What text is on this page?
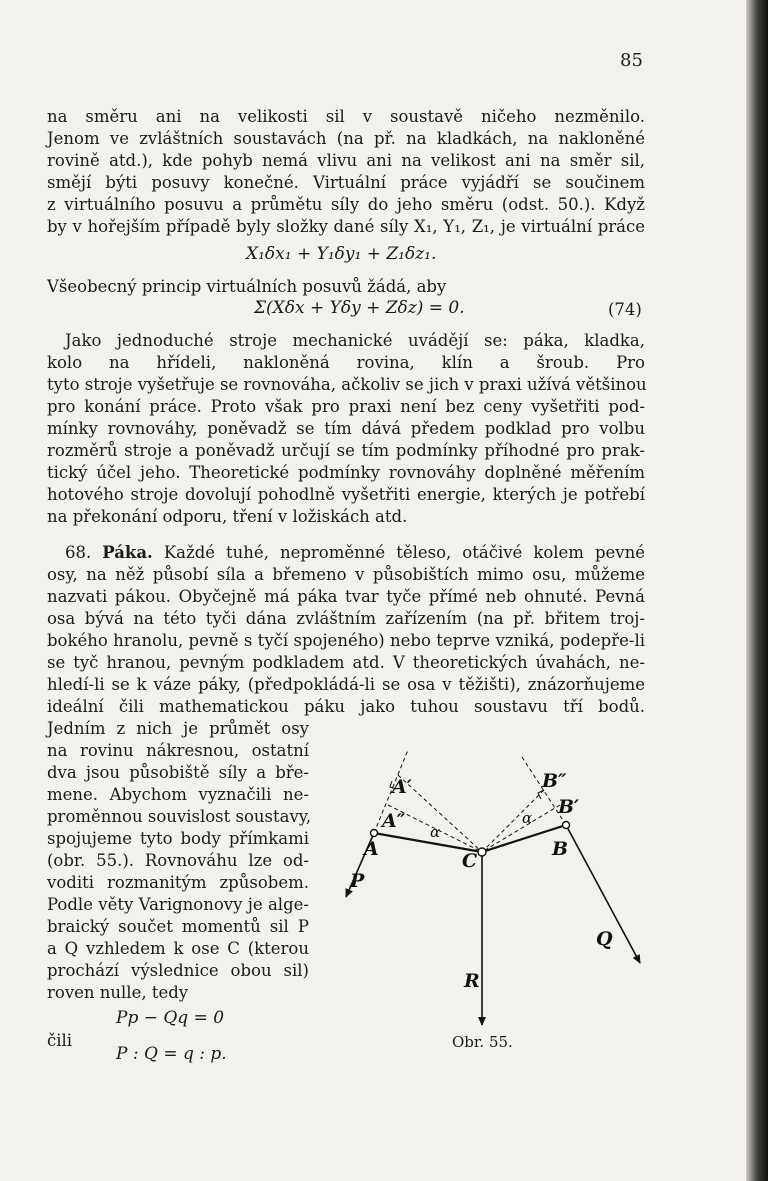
85
na směru ani na velikosti sil v soustavě ničeho nezměnilo.
Jenom ve zvláštních soustavách (na př. na kladkách, na nakloněné
rovině atd.), kde pohyb nemá vlivu ani na velikost ani na směr sil,
smějí býti posuvy konečné. Virtuální práce vyjádří se součinem
z virtuálního posuvu a průmětu síly do jeho směru (odst. 50.). Když
by v hořejším případě byly složky dané síly X₁, Y₁, Z₁, je virtuální práce
X₁δx₁ + Y₁δy₁ + Z₁δz₁.
Všeobecný princip virtuálních posuvů žádá, aby
Σ(Xδx + Yδy + Zδz) = 0.	(74)
Jako jednoduché stroje mechanické uvádějí se: páka, kladka,
kolo na hřídeli, nakloněná rovina, klín a šroub. Pro
tyto stroje vyšetřuje se rovnováha, ačkoliv se jich v praxi užívá většinou
pro konání práce. Proto však pro praxi není bez ceny vyšetřiti pod-
mínky rovnováhy, poněvadž se tím dává předem podklad pro volbu
rozměrů stroje a poněvadž určují se tím podmínky příhodné pro prak-
tický účel jeho. Theoretické podmínky rovnováhy doplněné měřením
hotového stroje dovolují pohodlně vyšetřiti energie, kterých je potřebí
na překonání odporu, tření v ložiskách atd.
68. Páka. Každé tuhé, neproměnné těleso, otáčivé kolem pevné
osy, na něž působí síla a břemeno v působištích mimo osu, můžeme
nazvati pákou. Obyčejně má páka tvar tyče přímé neb ohnuté. Pevná
osa bývá na této tyči dána zvláštním zařízením (na př. břitem troj-
bokého hranolu, pevně s tyčí spojeného) nebo teprve vzniká, podepře-li
se tyč hranou, pevným podkladem atd. V theoretických úvahách, ne-
hledí-li se k váze páky, (předpokládá-li se osa v těžišti), znázorňujeme
ideální čili mathematickou páku jako tuhou soustavu tří bodů.
Jedním z nich je průmět osy
na rovinu nákresnou, ostatní
dva jsou působiště síly a bře-
mene. Abychom vyznačili ne-
proměnnou souvislost soustavy,
spojujeme tyto body přímkami
(obr. 55.). Rovnováhu lze od-
voditi rozmanitým způsobem.
Podle věty Varignonovy je alge-
braický součet momentů sil P
a Q vzhledem k ose C (kterou
prochází výslednice obou sil)
roven nulle, tedy
Pp − Qq = 0
čili
P : Q = q : p.
A′
A″
A
α
α
B″
B′
B
C
P
Q
R
Obr. 55.
